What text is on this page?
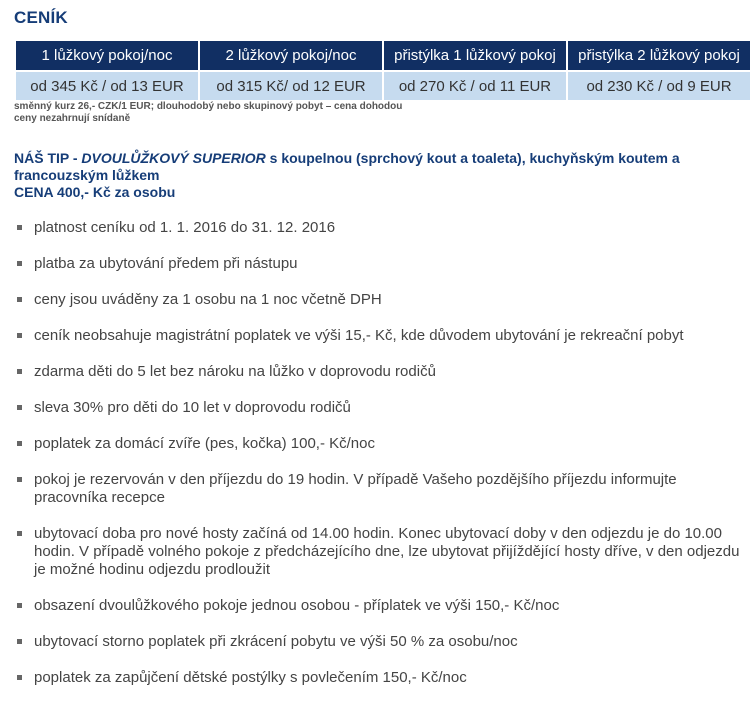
CENÍK
1 lůžkový pokoj/noc	2 lůžkový pokoj/noc	přistýlka 1 lůžkový pokoj	přistýlka 2 lůžkový pokoj
od 345 Kč / od 13 EUR	od 315 Kč/ od 12 EUR	od 270 Kč / od 11 EUR	od 230 Kč / od 9 EUR
směnný kurz 26,- CZK/1 EUR; dlouhodobý nebo skupinový pobyt – cena dohodou
ceny nezahrnují snídaně
NÁŠ TIP - DVOULŮŽKOVÝ SUPERIOR s koupelnou (sprchový kout a toaleta), kuchyňským koutem a francouzským lůžkem
CENA 400,- Kč za osobu
platnost ceníku od 1. 1. 2016 do 31. 12. 2016
platba za ubytování předem při nástupu
ceny jsou uváděny za 1 osobu na 1 noc včetně DPH
ceník neobsahuje magistrátní poplatek ve výši 15,- Kč, kde důvodem ubytování je rekreační pobyt
zdarma děti do 5 let bez nároku na lůžko v doprovodu rodičů
sleva 30% pro děti do 10 let v doprovodu rodičů
poplatek za domácí zvíře (pes, kočka) 100,- Kč/noc
pokoj je rezervován v den příjezdu do 19 hodin. V případě Vašeho pozdějšího příjezdu informujte pracovníka recepce
ubytovací doba pro nové hosty začíná od 14.00 hodin. Konec ubytovací doby v den odjezdu je do 10.00 hodin. V případě volného pokoje z předcházejícího dne, lze ubytovat přijíždějící hosty dříve, v den odjezdu je možné hodinu odjezdu prodloužit
obsazení dvoulůžkového pokoje jednou osobou - příplatek ve výši 150,- Kč/noc
ubytovací storno poplatek při zkrácení pobytu ve výši 50 % za osobu/noc
poplatek za zapůjčení dětské postýlky s povlečením 150,- Kč/noc
